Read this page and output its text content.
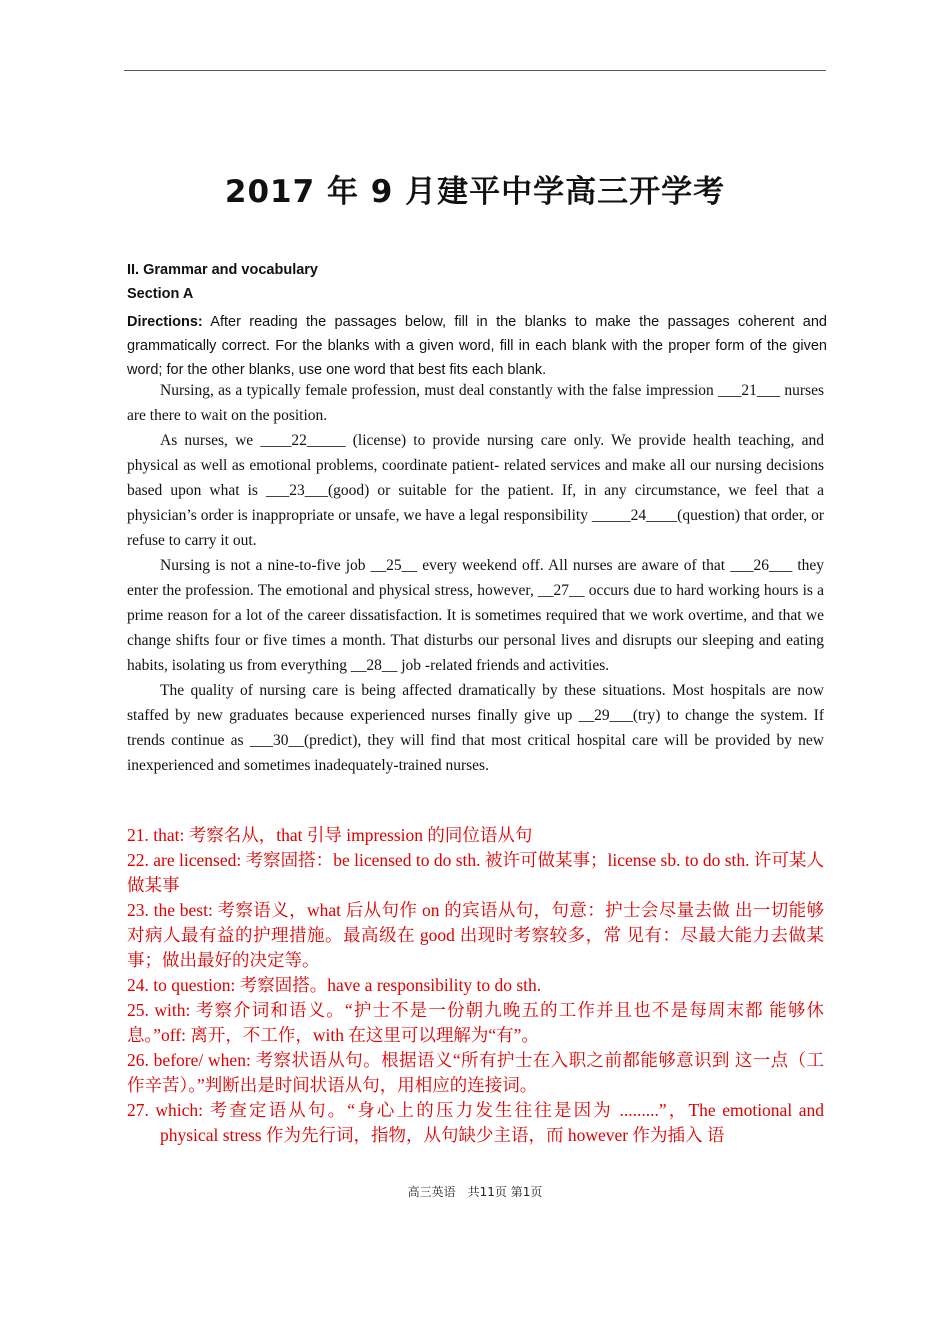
2017 年 9 月建平中学高三开学考
II. Grammar and vocabulary
Section A
Directions: After reading the passages below, fill in the blanks to make the passages coherent and grammatically correct. For the blanks with a given word, fill in each blank with the proper form of the given word; for the other blanks, use one word that best fits each blank.

Nursing, as a typically female profession, must deal constantly with the false impression ___21___ nurses are there to wait on the position.

As nurses, we ____22_____ (license) to provide nursing care only. We provide health teaching, and physical as well as emotional problems, coordinate patient- related services and make all our nursing decisions based upon what is ___23___(good) or suitable for the patient. If, in any circumstance, we feel that a physician’s order is inappropriate or unsafe, we have a legal responsibility _____24____(question) that order, or refuse to carry it out.

Nursing is not a nine-to-five job __25__ every weekend off. All nurses are aware of that ___26___ they enter the profession. The emotional and physical stress, however, __27__ occurs due to hard working hours is a prime reason for a lot of the career dissatisfaction. It is sometimes required that we work overtime, and that we change shifts four or five times a month. That disturbs our personal lives and disrupts our sleeping and eating habits, isolating us from everything __28__ job -related friends and activities.

The quality of nursing care is being affected dramatically by these situations. Most hospitals are now staffed by new graduates because experienced nurses finally give up __29___(try) to change the system. If trends continue as ___30__(predict), they will find that most critical hospital care will be provided by new inexperienced and sometimes inadequately-trained nurses.

21. that: 考察名从，that 引导 impression 的同位语从句

22. are licensed: 考察固搭：be licensed to do sth. 被许可做某事；license sb. to do sth. 许可某人做某事

23. the best: 考察语义，what 后从句作 on 的宾语从句，句意：护士会尽量去做 出一切能够对病人最有益的护理措施。最高级在 good 出现时考察较多，常 见有：尽最大能力去做某事；做出最好的决定等。

24. to question: 考察固搭。have a responsibility to do sth.

25. with: 考察介词和语义。“护士不是一份朝九晚五的工作并且也不是每周末都 能够休息。”off: 离开，不工作，with 在这里可以理解为“有”。

26. before/ when: 考察状语从句。根据语义“所有护士在入职之前都能够意识到 这一点（工作辛苦）。”判断出是时间状语从句，用相应的连接词。

27. which: 考查定语从句。“身心上的压力发生往往是因为 .........”，The emotional and physical stress 作为先行词，指物，从句缺少主语，而 however 作为插入 语

高三英语　共11页 第1页
